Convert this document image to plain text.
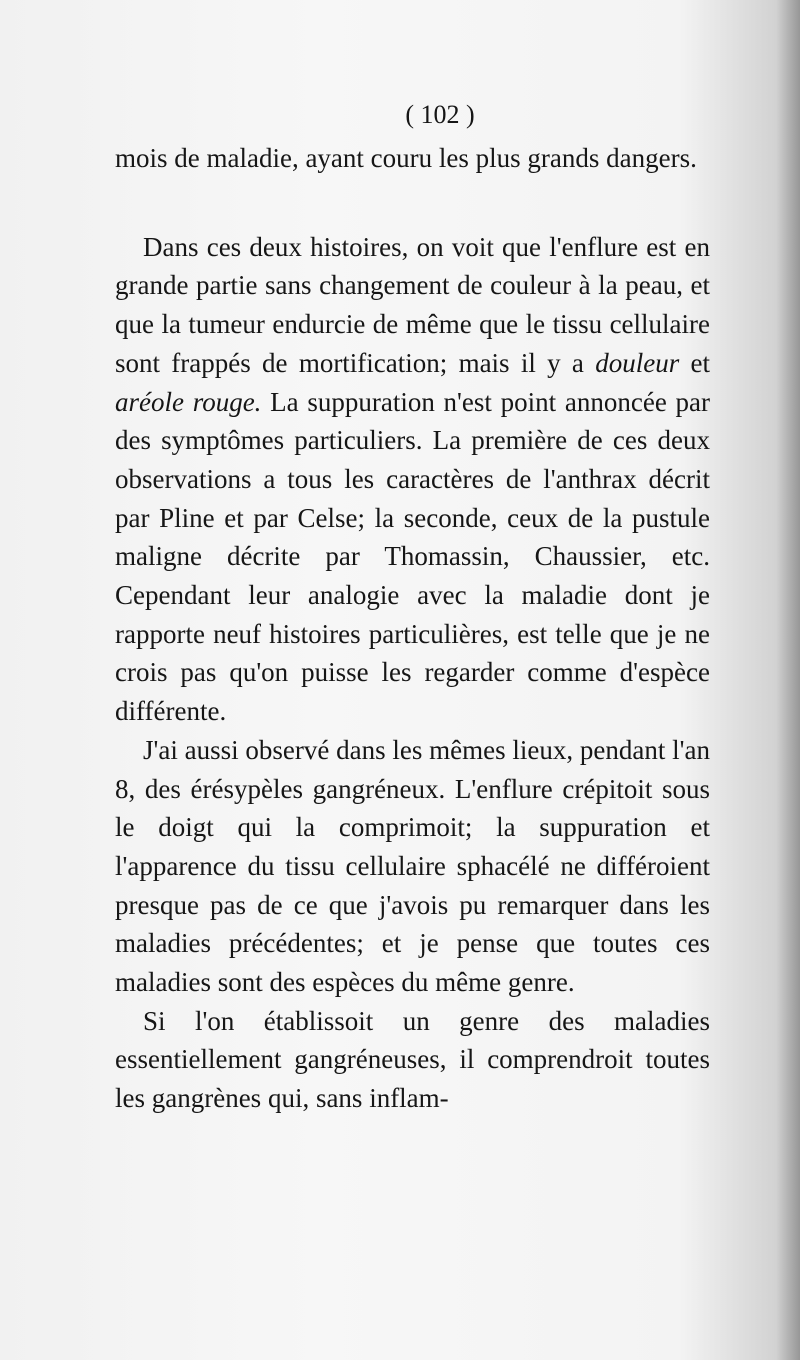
( 102 )

mois de maladie, ayant couru les plus grands dangers.

Dans ces deux histoires, on voit que l'enflure est en grande partie sans changement de couleur à la peau, et que la tumeur endurcie de même que le tissu cellulaire sont frappés de mortification; mais il y a douleur et aréole rouge. La suppuration n'est point annoncée par des symptômes particuliers. La première de ces deux observations a tous les caractères de l'anthrax décrit par Pline et par Celse; la seconde, ceux de la pustule maligne décrite par Thomassin, Chaussier, etc. Cependant leur analogie avec la maladie dont je rapporte neuf histoires particulières, est telle que je ne crois pas qu'on puisse les regarder comme d'espèce différente.

J'ai aussi observé dans les mêmes lieux, pendant l'an 8, des érésypèles gangréneux. L'enflure crépitoit sous le doigt qui la comprimoit; la suppuration et l'apparence du tissu cellulaire sphacélé ne différoient presque pas de ce que j'avois pu remarquer dans les maladies précédentes; et je pense que toutes ces maladies sont des espèces du même genre.

Si l'on établissoit un genre des maladies essentiellement gangréneuses, il comprendroit toutes les gangrènes qui, sans inflam-
